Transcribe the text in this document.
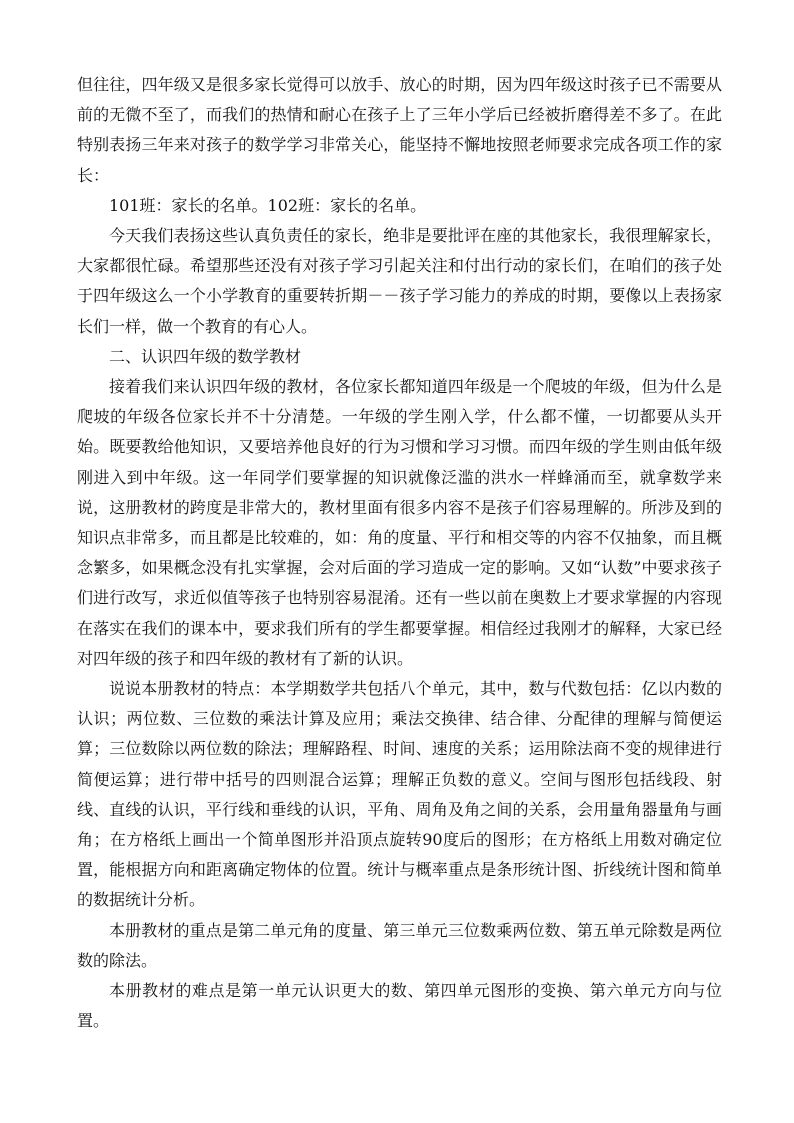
但往往，四年级又是很多家长觉得可以放手、放心的时期，因为四年级这时孩子已不需要从前的无微不至了，而我们的热情和耐心在孩子上了三年小学后已经被折磨得差不多了。在此特别表扬三年来对孩子的数学学习非常关心，能坚持不懈地按照老师要求完成各项工作的家长：

101班：家长的名单。102班：家长的名单。

今天我们表扬这些认真负责任的家长，绝非是要批评在座的其他家长，我很理解家长，大家都很忙碌。希望那些还没有对孩子学习引起关注和付出行动的家长们，在咱们的孩子处于四年级这么一个小学教育的重要转折期－－孩子学习能力的养成的时期，要像以上表扬家长们一样，做一个教育的有心人。

二、认识四年级的数学教材

接着我们来认识四年级的教材，各位家长都知道四年级是一个爬坡的年级，但为什么是爬坡的年级各位家长并不十分清楚。一年级的学生刚入学，什么都不懂，一切都要从头开始。既要教给他知识，又要培养他良好的行为习惯和学习习惯。而四年级的学生则由低年级刚进入到中年级。这一年同学们要掌握的知识就像泛滥的洪水一样蜂涌而至，就拿数学来说，这册教材的跨度是非常大的，教材里面有很多内容不是孩子们容易理解的。所涉及到的知识点非常多，而且都是比较难的，如：角的度量、平行和相交等的内容不仅抽象，而且概念繁多，如果概念没有扎实掌握，会对后面的学习造成一定的影响。又如“认数”中要求孩子们进行改写，求近似值等孩子也特别容易混淆。还有一些以前在奥数上才要求掌握的内容现在落实在我们的课本中，要求我们所有的学生都要掌握。相信经过我刚才的解释，大家已经对四年级的孩子和四年级的教材有了新的认识。

说说本册教材的特点：本学期数学共包括八个单元，其中，数与代数包括：亿以内数的认识；两位数、三位数的乘法计算及应用；乘法交换律、结合律、分配律的理解与简便运算；三位数除以两位数的除法；理解路程、时间、速度的关系；运用除法商不变的规律进行简便运算；进行带中括号的四则混合运算；理解正负数的意义。空间与图形包括线段、射线、直线的认识，平行线和垂线的认识，平角、周角及角之间的关系，会用量角器量角与画角；在方格纸上画出一个简单图形并沿顶点旋转90度后的图形；在方格纸上用数对确定位置，能根据方向和距离确定物体的位置。统计与概率重点是条形统计图、折线统计图和简单的数据统计分析。

本册教材的重点是第二单元角的度量、第三单元三位数乘两位数、第五单元除数是两位数的除法。

本册教材的难点是第一单元认识更大的数、第四单元图形的变换、第六单元方向与位置。
